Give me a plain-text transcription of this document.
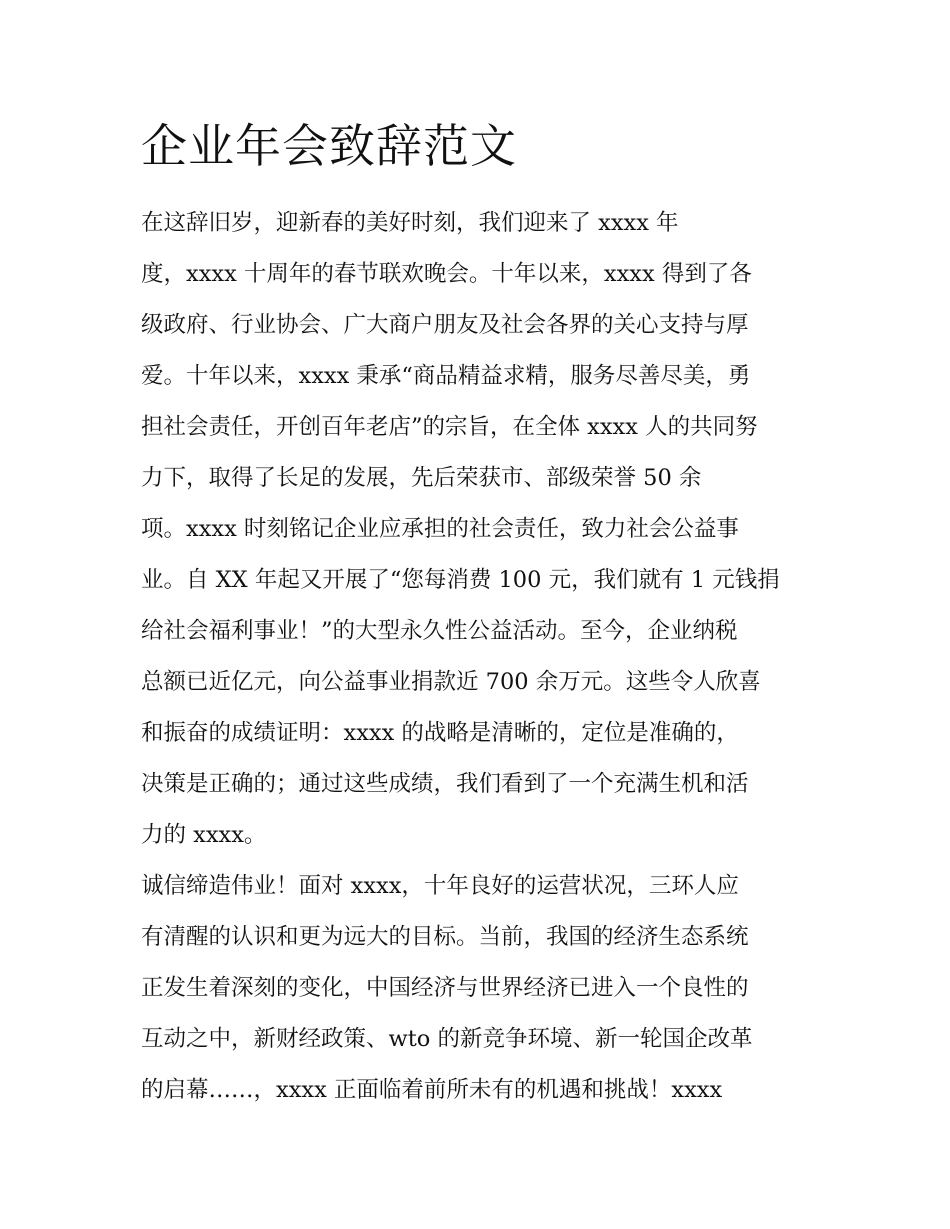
企业年会致辞范文
在这辞旧岁，迎新春的美好时刻，我们迎来了 xxxx 年
度，xxxx 十周年的春节联欢晚会。十年以来，xxxx 得到了各
级政府、行业协会、广大商户朋友及社会各界的关心支持与厚
爱。十年以来，xxxx 秉承“商品精益求精，服务尽善尽美，勇
担社会责任，开创百年老店”的宗旨，在全体 xxxx 人的共同努
力下，取得了长足的发展，先后荣获市、部级荣誉 50 余
项。xxxx 时刻铭记企业应承担的社会责任，致力社会公益事
业。自 XX 年起又开展了“您每消费 100 元，我们就有 1 元钱捐
给社会福利事业！”的大型永久性公益活动。至今，企业纳税
总额已近亿元，向公益事业捐款近 700 余万元。这些令人欣喜
和振奋的成绩证明：xxxx 的战略是清晰的，定位是准确的，
决策是正确的；通过这些成绩，我们看到了一个充满生机和活
力的 xxxx。
诚信缔造伟业！面对 xxxx，十年良好的运营状况，三环人应
有清醒的认识和更为远大的目标。当前，我国的经济生态系统
正发生着深刻的变化，中国经济与世界经济已进入一个良性的
互动之中，新财经政策、wto 的新竞争环境、新一轮国企改革
的启幕……，xxxx 正面临着前所未有的机遇和挑战！xxxx
